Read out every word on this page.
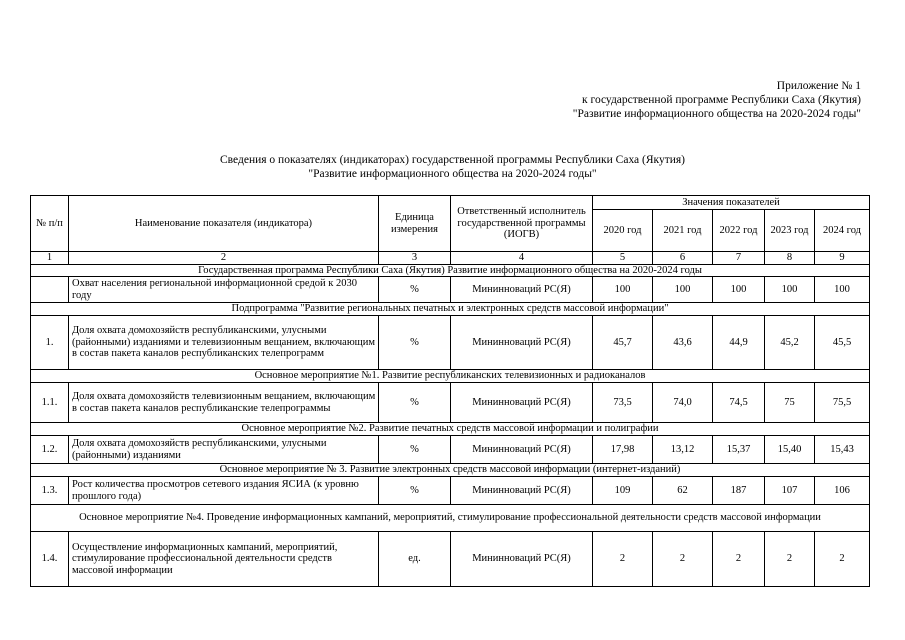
Приложение № 1
к государственной программе Республики Саха (Якутия)
"Развитие информационного общества на 2020-2024 годы"
Сведения о показателях (индикаторах) государственной программы Республики Саха (Якутия)
"Развитие информационного общества на 2020-2024 годы"
№ п/п	Наименование показателя (индикатора)	Единица измерения	Ответственный исполнитель государственной программы (ИОГВ)	Значения показателей				
				2020 год	2021 год	2022 год	2023 год	2024 год
1	2	3	4	5	6	7	8	9
Государственная программа Республики Саха (Якутия) Развитие информационного общества на 2020-2024 годы								
	Охват населения региональной информационной средой к 2030 году	%	Мининноваций РС(Я)	100	100	100	100	100
Подпрограмма "Развитие региональных печатных и электронных средств массовой информации"								
1.	Доля охвата домохозяйств республиканскими, улусными (районными) изданиями и телевизионным вещанием, включающим в состав пакета каналов республиканских телепрограмм	%	Мининноваций РС(Я)	45,7	43,6	44,9	45,2	45,5
Основное мероприятие №1. Развитие республиканских телевизионных и радиоканалов								
1.1.	Доля охвата домохозяйств телевизионным вещанием, включающим в состав пакета каналов республиканские телепрограммы	%	Мининноваций РС(Я)	73,5	74,0	74,5	75	75,5
Основное мероприятие №2. Развитие печатных средств массовой информации и полиграфии								
1.2.	Доля охвата домохозяйств республиканскими, улусными (районными) изданиями	%	Мининноваций РС(Я)	17,98	13,12	15,37	15,40	15,43
Основное мероприятие № 3. Развитие электронных средств массовой информации (интернет-изданий)								
1.3.	Рост количества просмотров сетевого издания ЯСИА (к уровню прошлого года)	%	Мининноваций РС(Я)	109	62	187	107	106
Основное мероприятие №4. Проведение информационных кампаний, мероприятий, стимулирование профессиональной деятельности средств массовой информации								
1.4.	Осуществление информационных кампаний, мероприятий, стимулирование профессиональной деятельности средств массовой информации	ед.	Мининноваций РС(Я)	2	2	2	2	2
